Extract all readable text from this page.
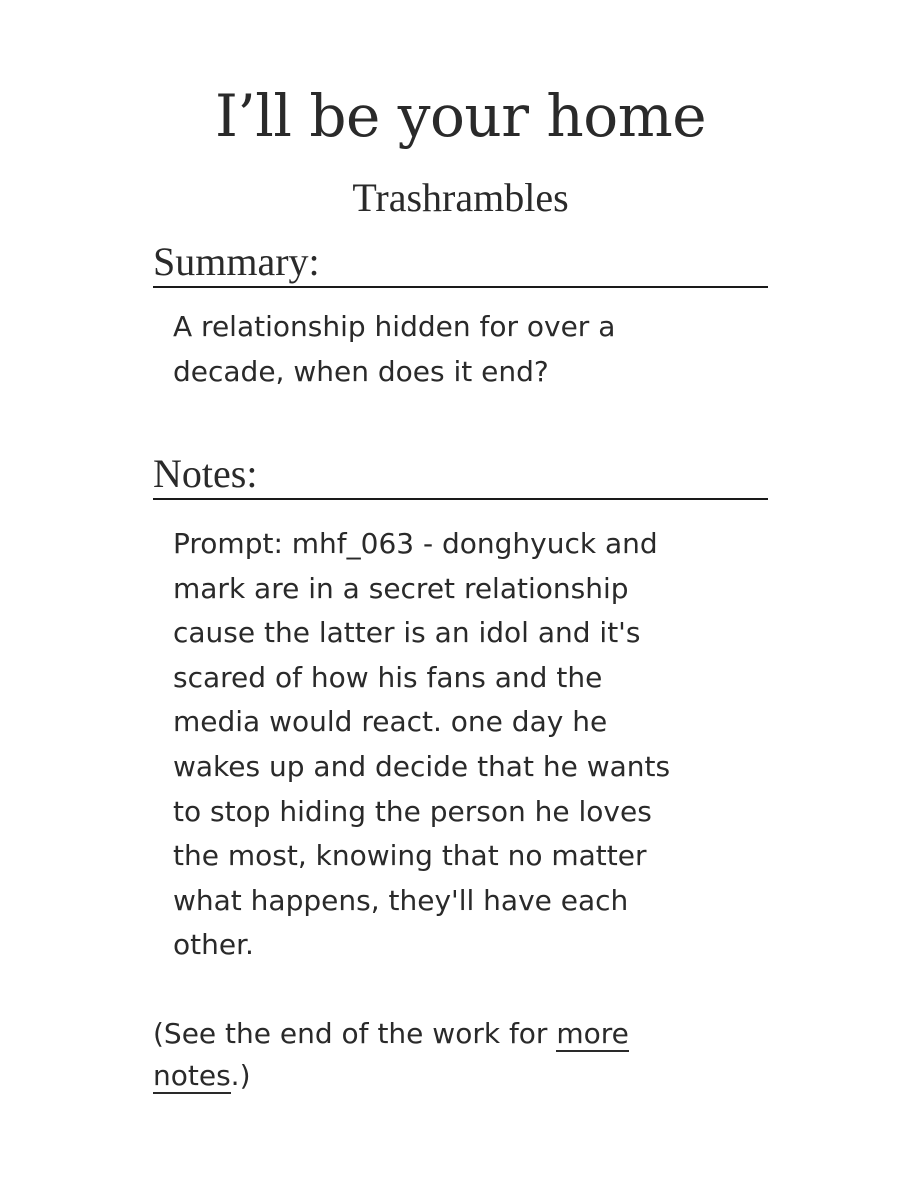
I’ll be your home
Trashrambles
Summary:

A relationship hidden for over a
decade, when does it end?

Notes:

Prompt: mhf_063 - donghyuck and
mark are in a secret relationship
cause the latter is an idol and it's
scared of how his fans and the
media would react. one day he
wakes up and decide that he wants
to stop hiding the person he loves
the most, knowing that no matter
what happens, they'll have each
other.

(See the end of the work for more
notes.)
